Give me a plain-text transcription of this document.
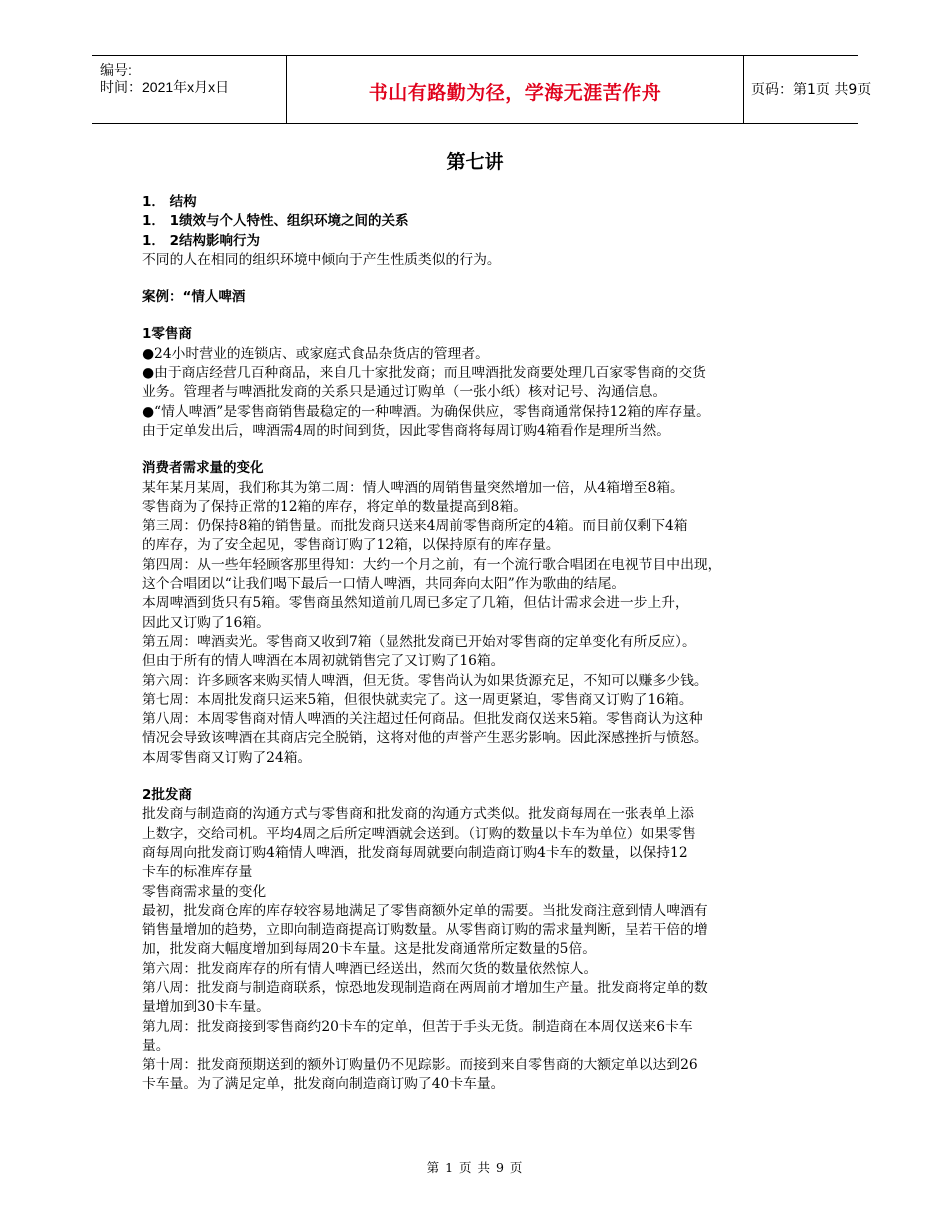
编号:
时间：2021年x月x日	书山有路勤为径，学海无涯苦作舟	页码：第1页 共9页
第七讲
1． 结构
1． 1绩效与个人特性、组织环境之间的关系
1． 2结构影响行为
不同的人在相同的组织环境中倾向于产生性质类似的行为。
案例：“情人啤酒
1零售商
●24小时营业的连锁店、或家庭式食品杂货店的管理者。
●由于商店经营几百种商品，来自几十家批发商；而且啤酒批发商要处理几百家零售商的交货
业务。管理者与啤酒批发商的关系只是通过订购单（一张小纸）核对记号、沟通信息。
●“情人啤酒”是零售商销售最稳定的一种啤酒。为确保供应，零售商通常保持12箱的库存量。
由于定单发出后，啤酒需4周的时间到货，因此零售商将每周订购4箱看作是理所当然。
消费者需求量的变化
某年某月某周，我们称其为第二周：情人啤酒的周销售量突然增加一倍，从4箱增至8箱。
零售商为了保持正常的12箱的库存，将定单的数量提高到8箱。
第三周：仍保持8箱的销售量。而批发商只送来4周前零售商所定的4箱。而目前仅剩下4箱
的库存，为了安全起见，零售商订购了12箱，以保持原有的库存量。
第四周：从一些年轻顾客那里得知：大约一个月之前，有一个流行歌合唱团在电视节目中出现，
这个合唱团以“让我们喝下最后一口情人啤酒，共同奔向太阳”作为歌曲的结尾。
本周啤酒到货只有5箱。零售商虽然知道前几周已多定了几箱，但估计需求会进一步上升，
因此又订购了16箱。
第五周：啤酒卖光。零售商又收到7箱（显然批发商已开始对零售商的定单变化有所反应）。
但由于所有的情人啤酒在本周初就销售完了又订购了16箱。
第六周：许多顾客来购买情人啤酒，但无货。零售尚认为如果货源充足，不知可以赚多少钱。
第七周：本周批发商只运来5箱，但很快就卖完了。这一周更紧迫，零售商又订购了16箱。
第八周：本周零售商对情人啤酒的关注超过任何商品。但批发商仅送来5箱。零售商认为这种
情况会导致该啤酒在其商店完全脱销，这将对他的声誉产生恶劣影响。因此深感挫折与愤怒。
本周零售商又订购了24箱。
2批发商
批发商与制造商的沟通方式与零售商和批发商的沟通方式类似。批发商每周在一张表单上添
上数字，交给司机。平均4周之后所定啤酒就会送到。（订购的数量以卡车为单位）如果零售
商每周向批发商订购4箱情人啤酒，批发商每周就要向制造商订购4卡车的数量，以保持12
卡车的标准库存量
零售商需求量的变化
最初，批发商仓库的库存较容易地满足了零售商额外定单的需要。当批发商注意到情人啤酒有
销售量增加的趋势，立即向制造商提高订购数量。从零售商订购的需求量判断，呈若干倍的增
加，批发商大幅度增加到每周20卡车量。这是批发商通常所定数量的5倍。
第六周：批发商库存的所有情人啤酒已经送出，然而欠货的数量依然惊人。
第八周：批发商与制造商联系，惊恐地发现制造商在两周前才增加生产量。批发商将定单的数
量增加到30卡车量。
第九周：批发商接到零售商约20卡车的定单，但苦于手头无货。制造商在本周仅送来6卡车
量。
第十周：批发商预期送到的额外订购量仍不见踪影。而接到来自零售商的大额定单以达到26
卡车量。为了满足定单，批发商向制造商订购了40卡车量。
第 1 页 共 9 页
